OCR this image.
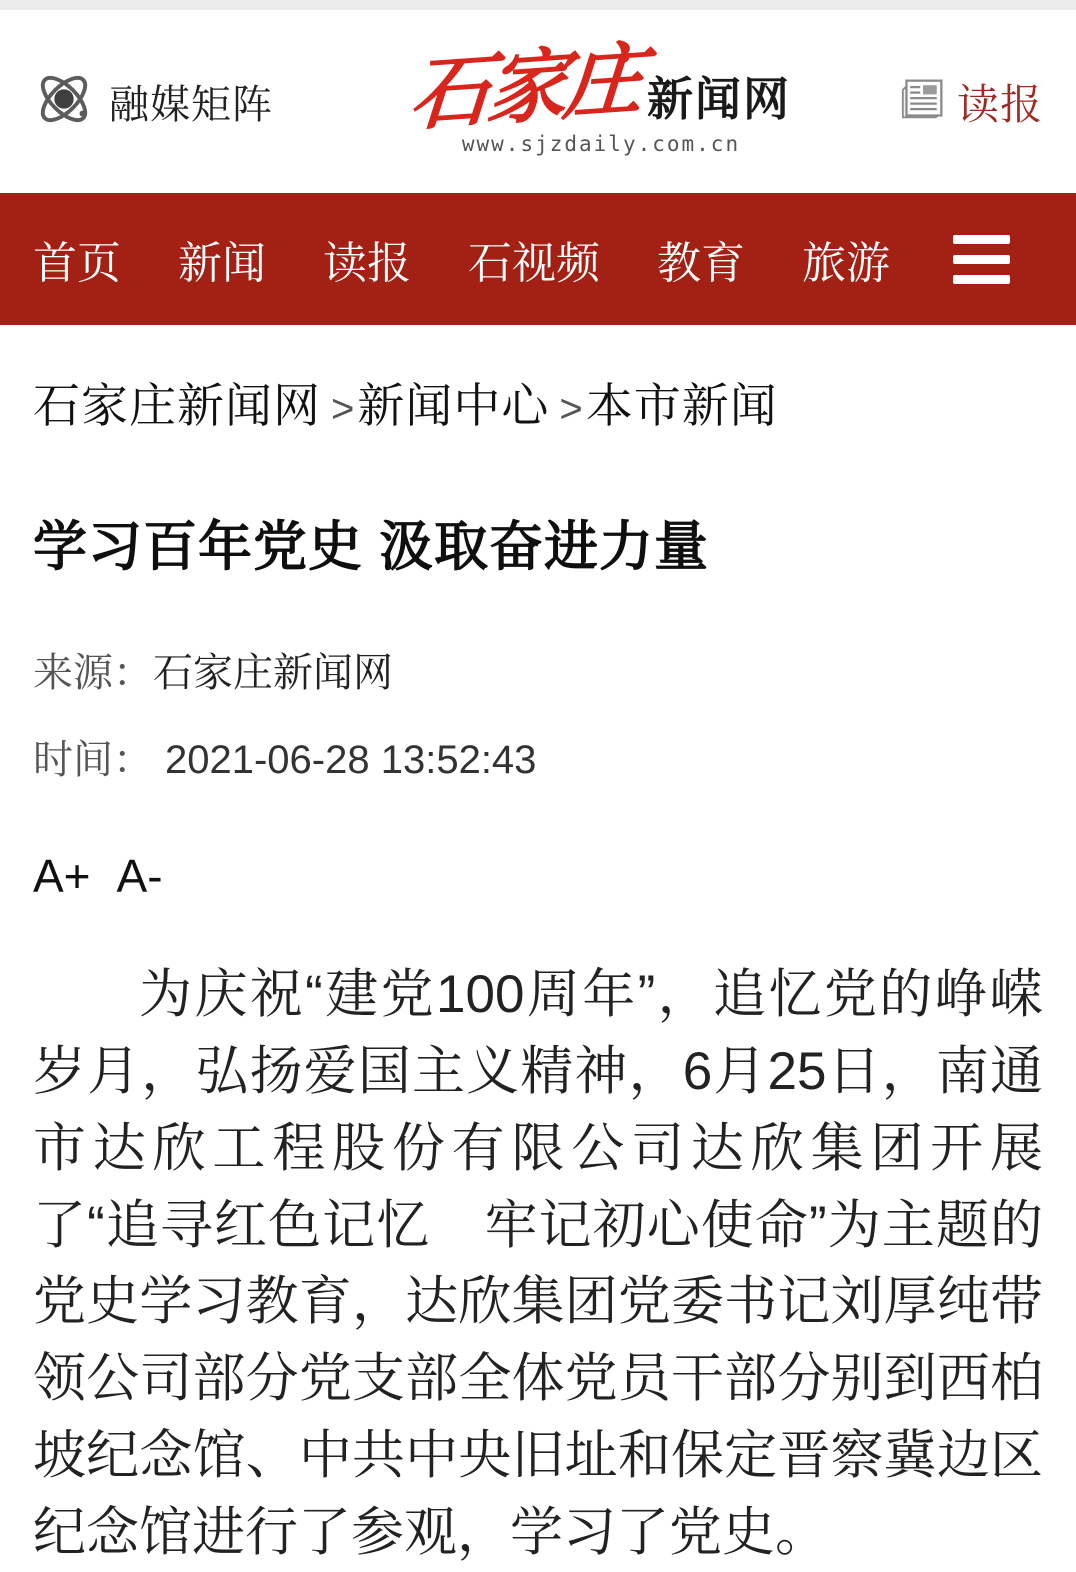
融媒矩阵 石家庄 新闻网
www.sjzdaily.com.cn
读报
首页 新闻 读报 石视频 教育 旅游
石家庄新闻网 >新闻中心 >本市新闻
学习百年党史 汲取奋进力量
来源：石家庄新闻网
时间： 2021-06-28 13:52:43
A+ A-

为庆祝“建党100周年”，追忆党的峥嵘岁月，弘扬爱国主义精神，6月25日，南通市达欣工程股份有限公司达欣集团开展了“追寻红色记忆　牢记初心使命”为主题的党史学习教育，达欣集团党委书记刘厚纯带领公司部分党支部全体党员干部分别到西柏坡纪念馆、中共中央旧址和保定晋察冀边区纪念馆进行了参观，学习了党史。
